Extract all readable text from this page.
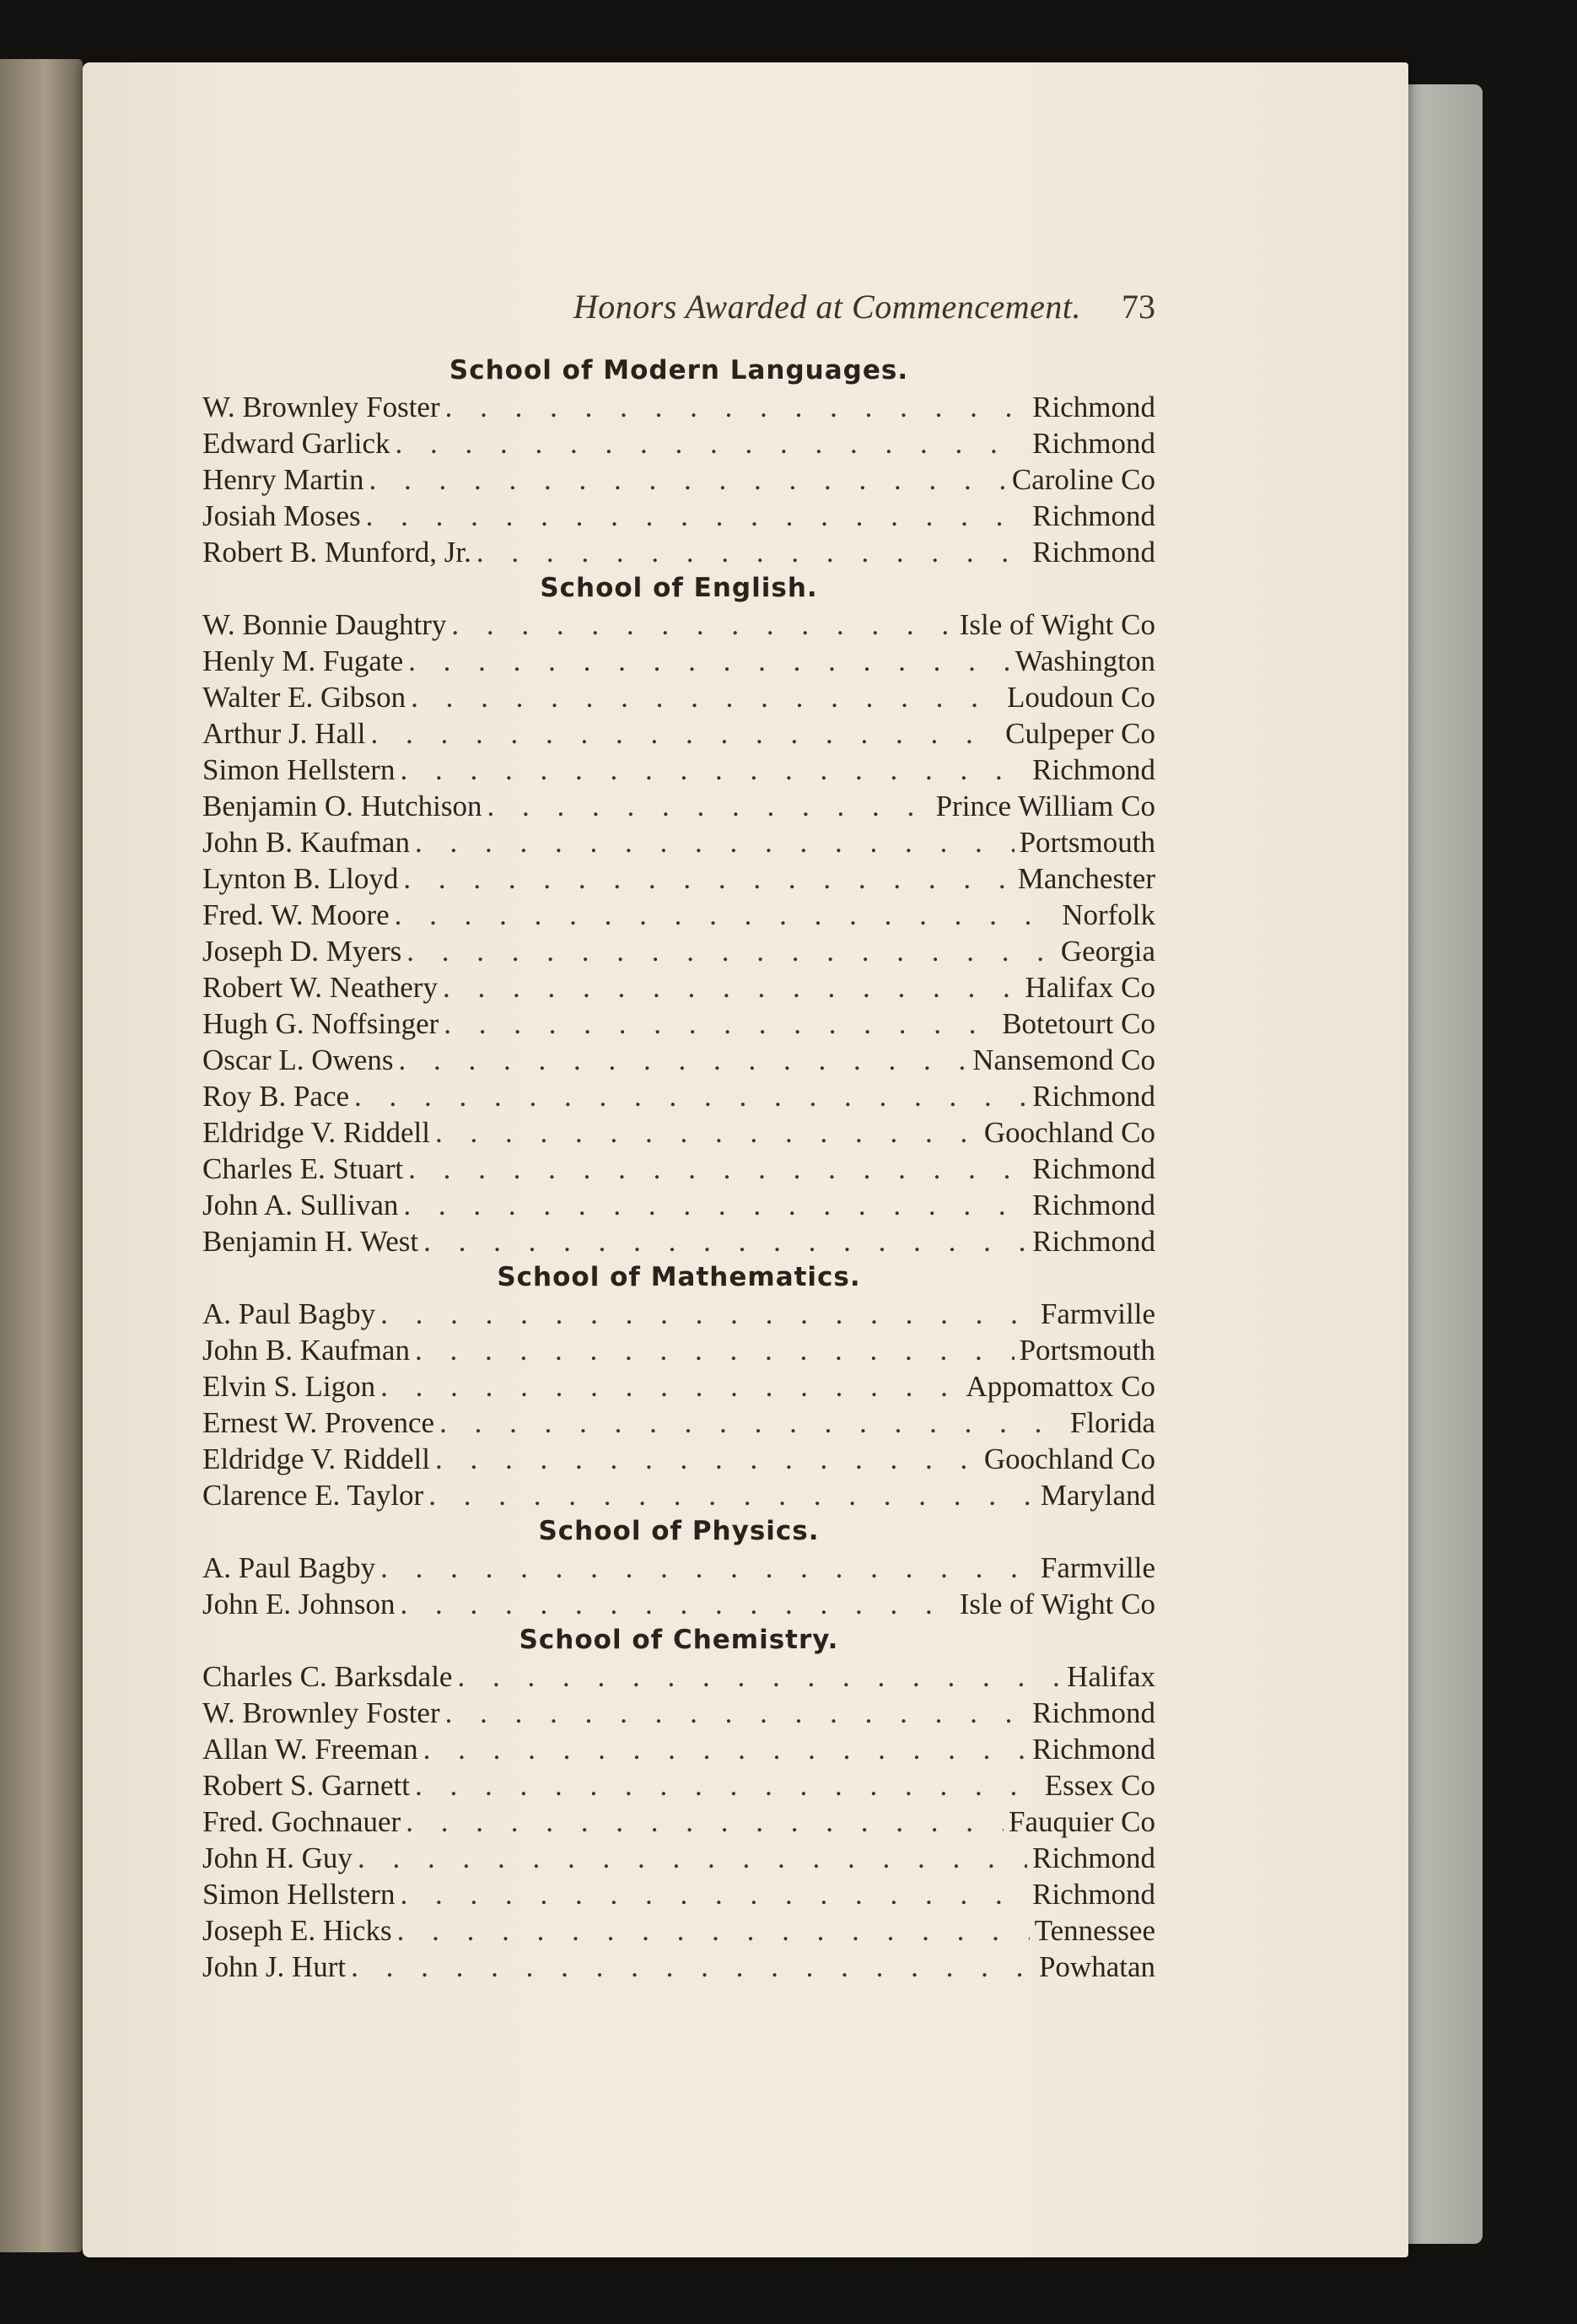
Honors Awarded at Commencement. 73
School of Modern Languages.
W. Brownley Foster . . .	Richmond
Edward Garlick . . .	Richmond
Henry Martin . . .	Caroline Co
Josiah Moses . . .	Richmond
Robert B. Munford, Jr. . . .	Richmond
School of English.
W. Bonnie Daughtry . . .	Isle of Wight Co
Henly M. Fugate . . .	Washington
Walter E. Gibson . . .	Loudoun Co
Arthur J. Hall . . .	Culpeper Co
Simon Hellstern . . .	Richmond
Benjamin O. Hutchison . . .	Prince William Co
John B. Kaufman . . .	Portsmouth
Lynton B. Lloyd . . .	Manchester
Fred. W. Moore . . .	Norfolk
Joseph D. Myers . . .	Georgia
Robert W. Neathery . . .	Halifax Co
Hugh G. Noffsinger . . .	Botetourt Co
Oscar L. Owens . . .	Nansemond Co
Roy B. Pace . . .	Richmond
Eldridge V. Riddell . . .	Goochland Co
Charles E. Stuart . . .	Richmond
John A. Sullivan . . .	Richmond
Benjamin H. West . . .	Richmond
School of Mathematics.
A. Paul Bagby . . .	Farmville
John B. Kaufman . . .	Portsmouth
Elvin S. Ligon . . .	Appomattox Co
Ernest W. Provence . . .	Florida
Eldridge V. Riddell . . .	Goochland Co
Clarence E. Taylor . . .	Maryland
School of Physics.
A. Paul Bagby . . .	Farmville
John E. Johnson . . .	Isle of Wight Co
School of Chemistry.
Charles C. Barksdale . . .	Halifax
W. Brownley Foster . . .	Richmond
Allan W. Freeman . . .	Richmond
Robert S. Garnett . . .	Essex Co
Fred. Gochnauer . . .	Fauquier Co
John H. Guy . . .	Richmond
Simon Hellstern . . .	Richmond
Joseph E. Hicks . . .	Tennessee
John J. Hurt . . .	Powhatan
